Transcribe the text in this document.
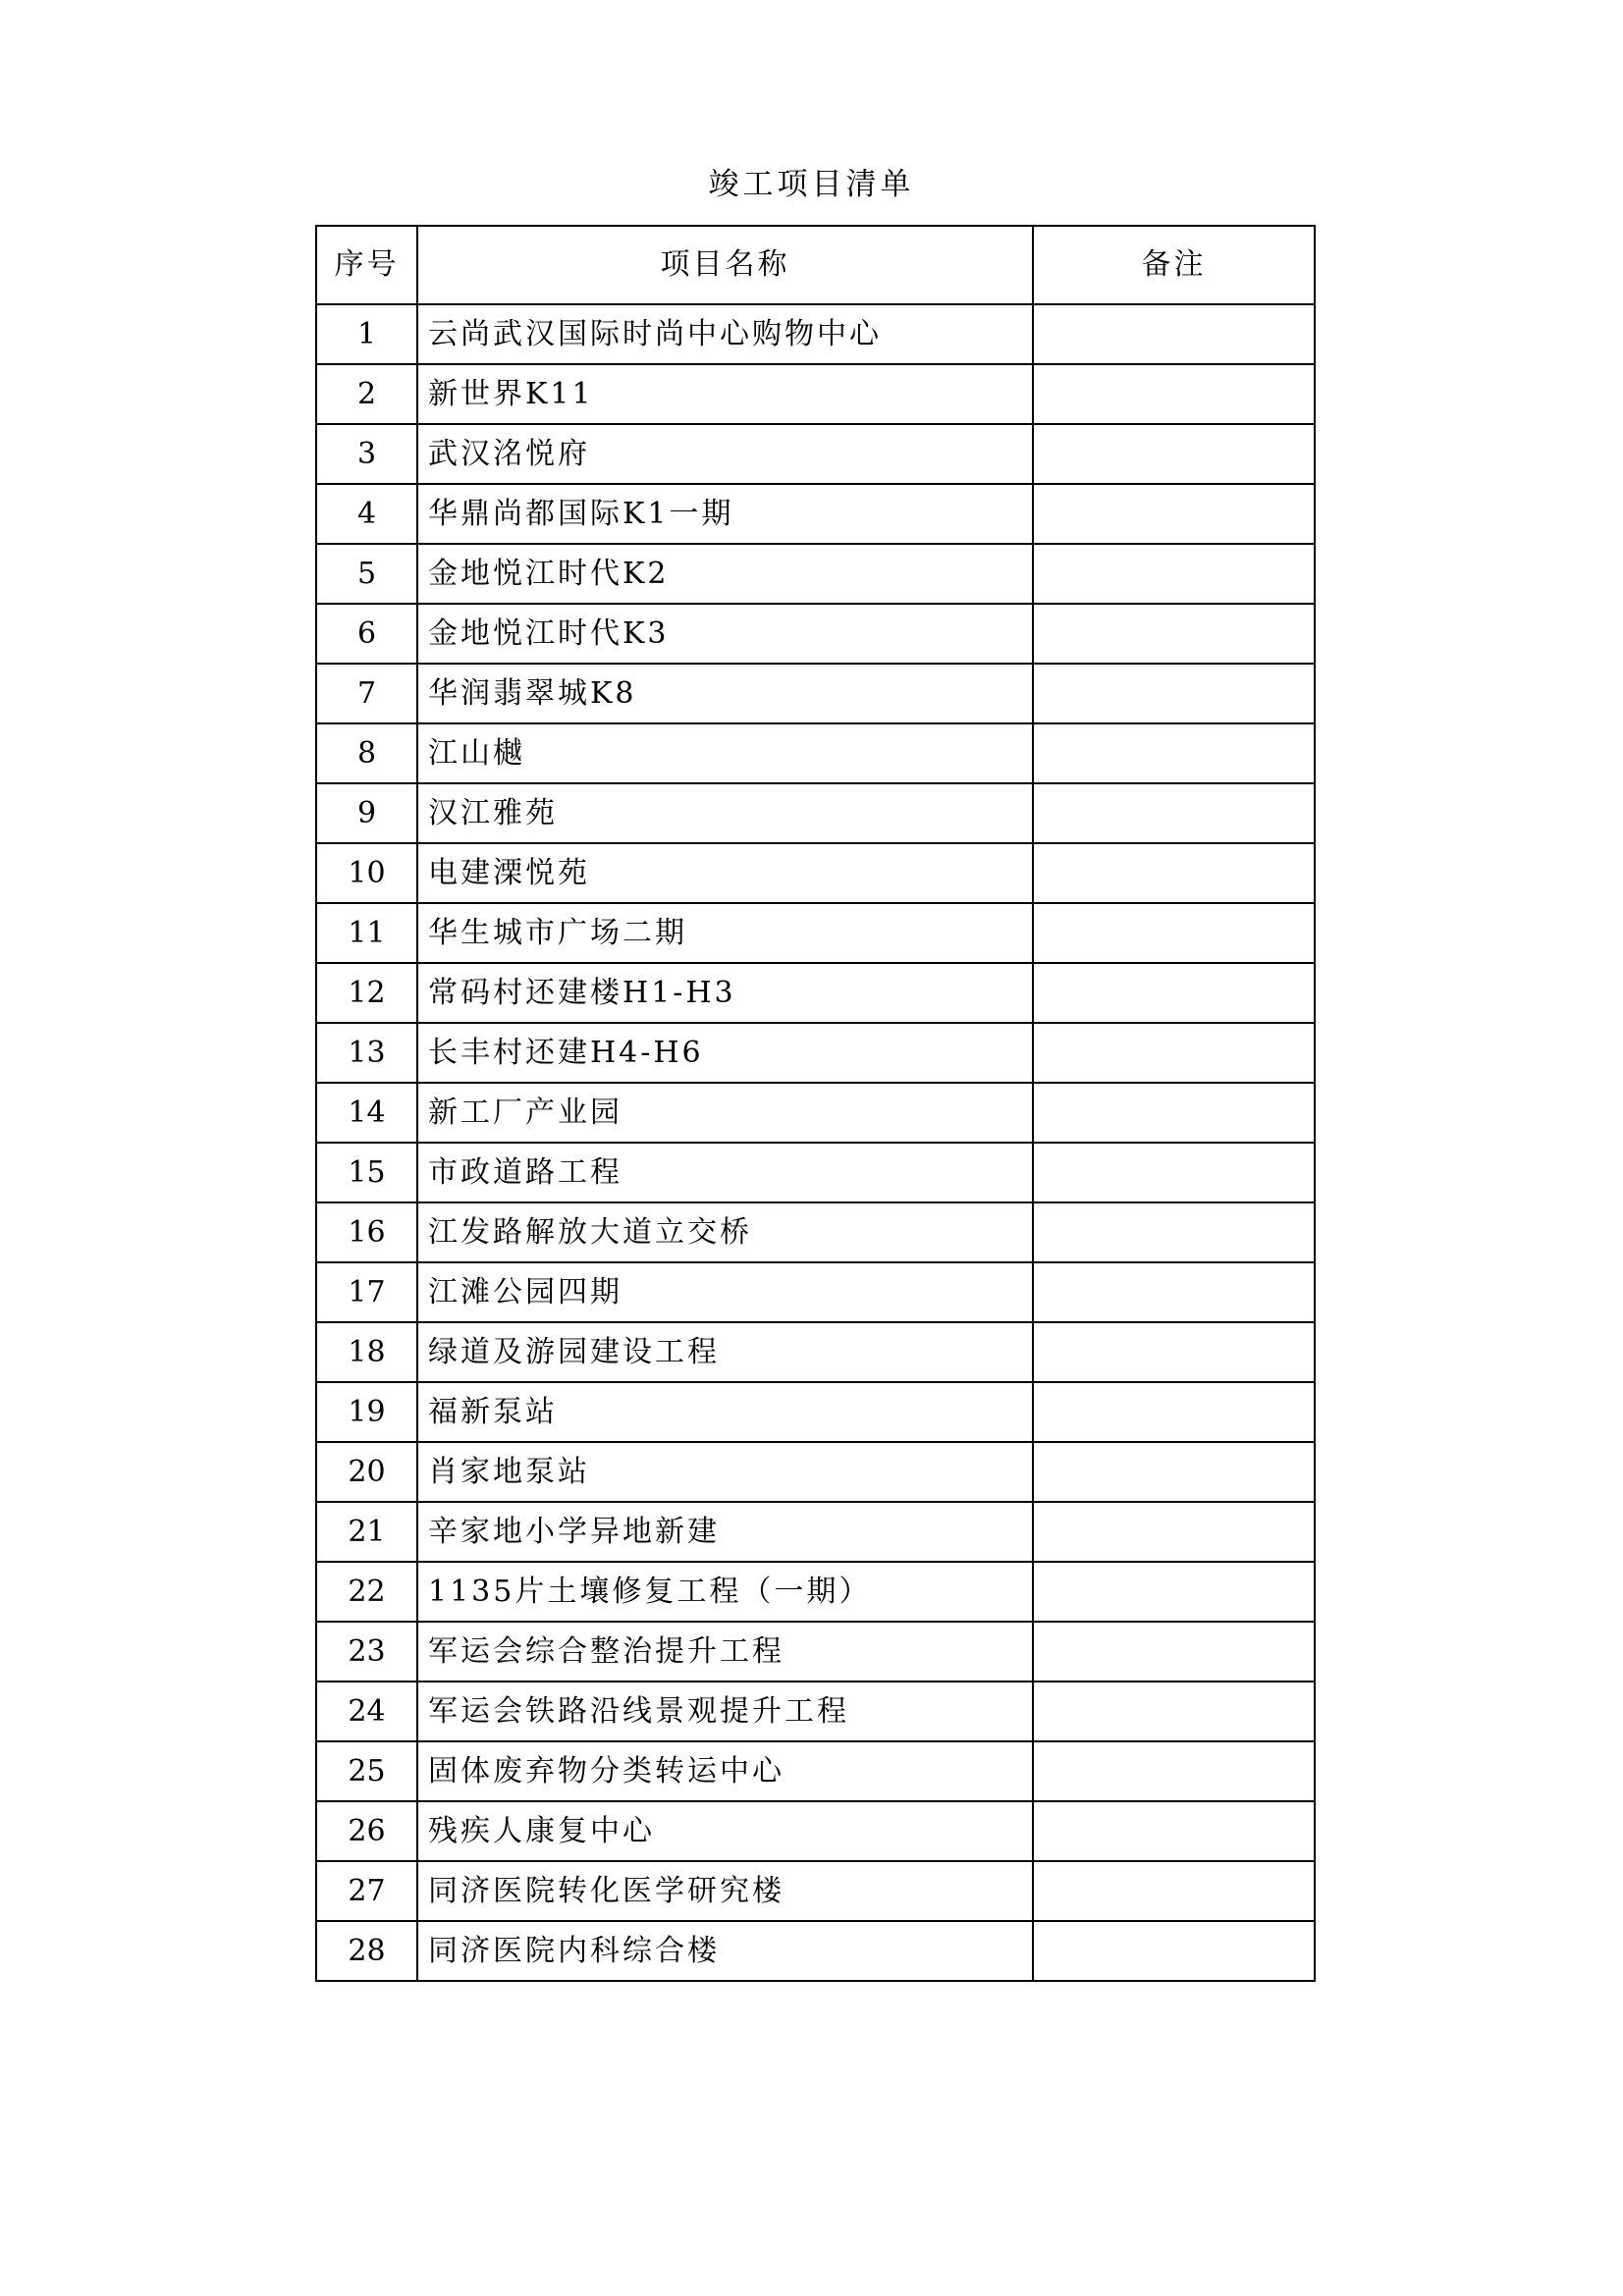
竣工项目清单
序号	项目名称	备注
1	云尚武汉国际时尚中心购物中心	
2	新世界K11	
3	武汉洺悦府	
4	华鼎尚都国际K1一期	
5	金地悦江时代K2	
6	金地悦江时代K3	
7	华润翡翠城K8	
8	江山樾	
9	汉江雅苑	
10	电建溧悦苑	
11	华生城市广场二期	
12	常码村还建楼H1-H3	
13	长丰村还建H4-H6	
14	新工厂产业园	
15	市政道路工程	
16	江发路解放大道立交桥	
17	江滩公园四期	
18	绿道及游园建设工程	
19	福新泵站	
20	肖家地泵站	
21	辛家地小学异地新建	
22	1135片土壤修复工程（一期）	
23	军运会综合整治提升工程	
24	军运会铁路沿线景观提升工程	
25	固体废弃物分类转运中心	
26	残疾人康复中心	
27	同济医院转化医学研究楼	
28	同济医院内科综合楼	
